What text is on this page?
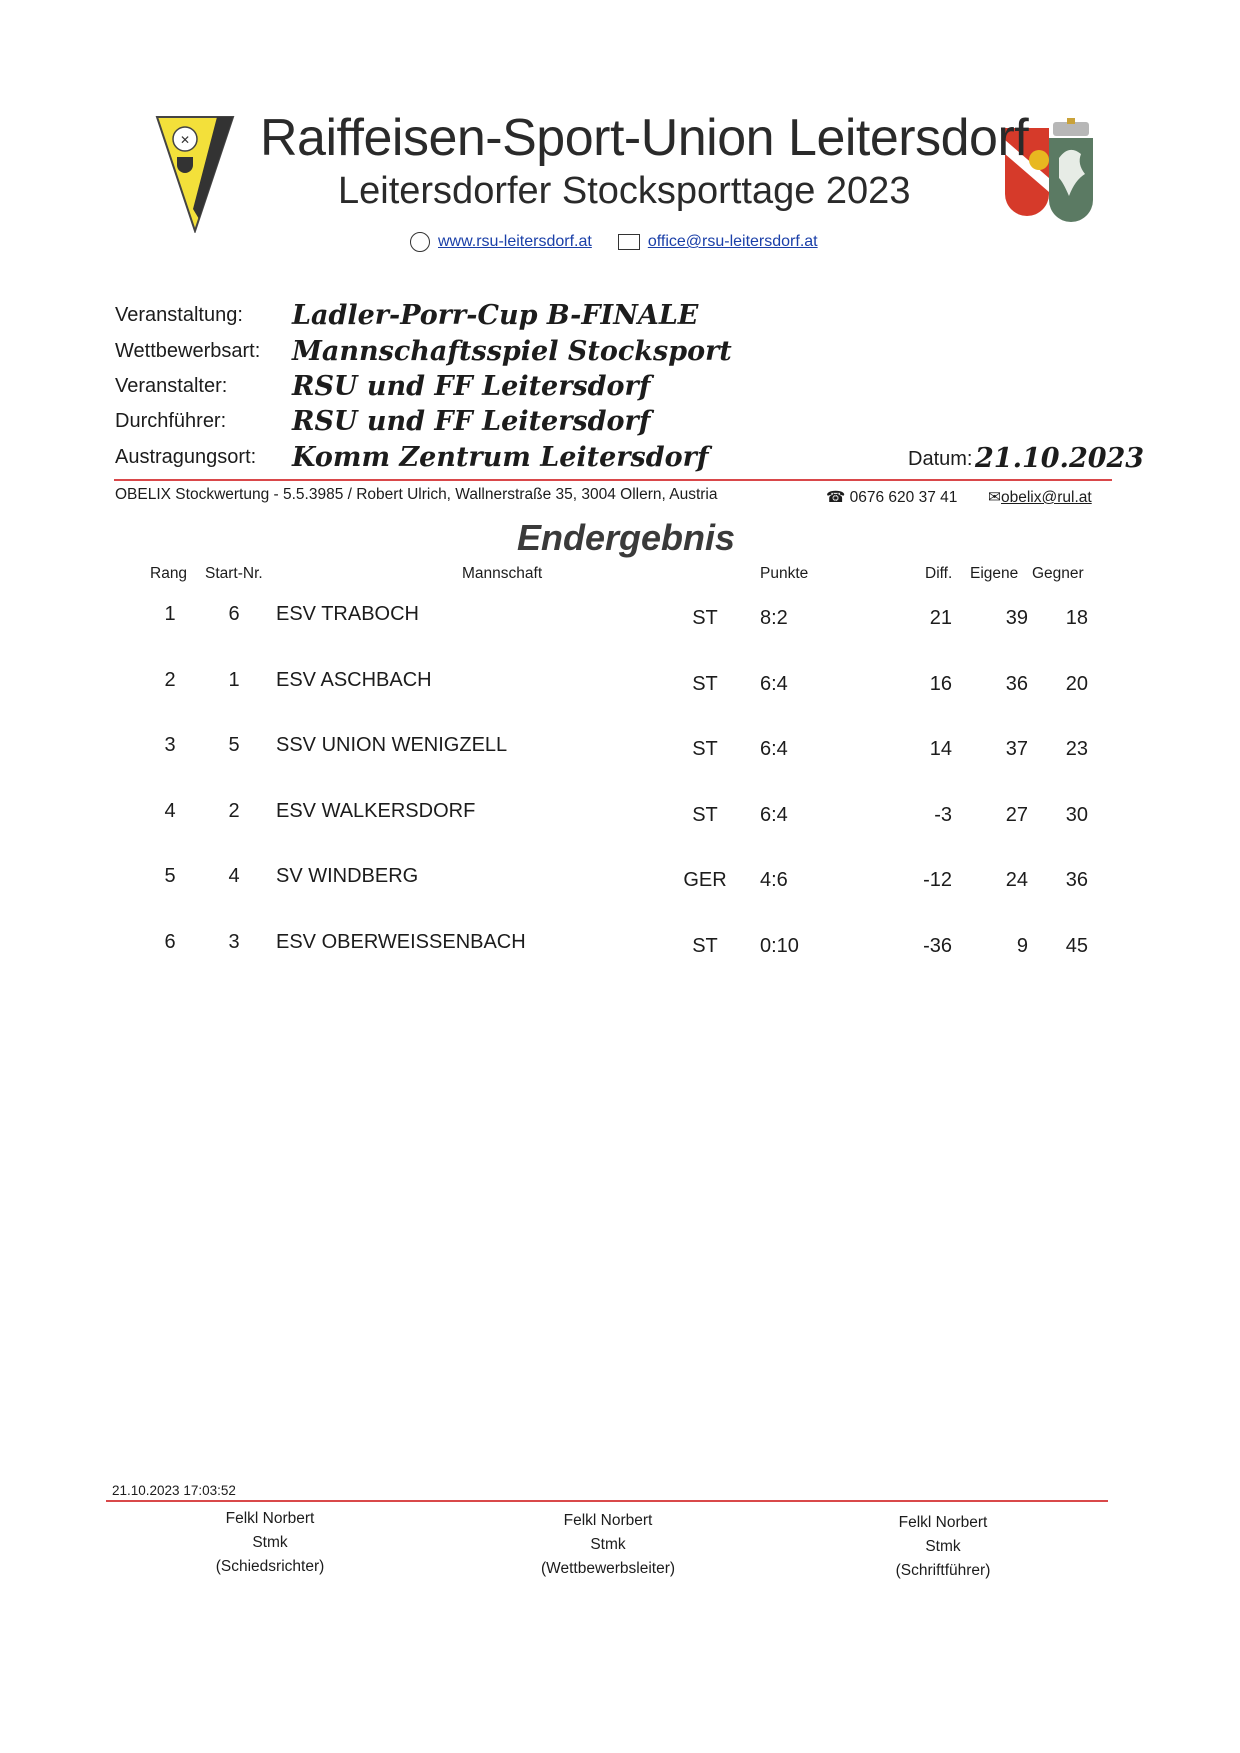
✕ Raiffeisen-Sport-Union Leitersdorf
Leitersdorfer Stocksporttage 2023
www.rsu-leitersdorf.at	office@rsu-leitersdorf.at
Veranstaltung: Ladler-Porr-Cup B-FINALE
Wettbewerbsart: Mannschaftsspiel Stocksport
Veranstalter: RSU und FF Leitersdorf
Durchführer: RSU und FF Leitersdorf
Austragungsort: Komm Zentrum Leitersdorf	Datum: 21.10.2023
OBELIX Stockwertung - 5.5.3985 / Robert Ulrich, Wallnerstraße 35, 3004 Ollern, Austria	☎ 0676 620 37 41 ✉obelix@rul.at
Endergebnis
Rang Start-Nr.	Mannschaft	Punkte	Diff. Eigene Gegner
1	6 ESV TRABOCH	ST	8:2	21	39	18
2	1 ESV ASCHBACH	ST	6:4	16	36	20
3	5 SSV UNION WENIGZELL	ST	6:4	14	37	23
4	2 ESV WALKERSDORF	ST	6:4	-3	27	30
5	4 SV WINDBERG	GER 4:6	-12	24	36
6	3 ESV OBERWEISSENBACH	ST	0:10	-36	9	45
21.10.2023 17:03:52
Felkl Norbert
Stmk
(Schiedsrichter)
Felkl Norbert
Stmk
(Wettbewerbsleiter)
Felkl Norbert
Stmk
(Schriftführer)
